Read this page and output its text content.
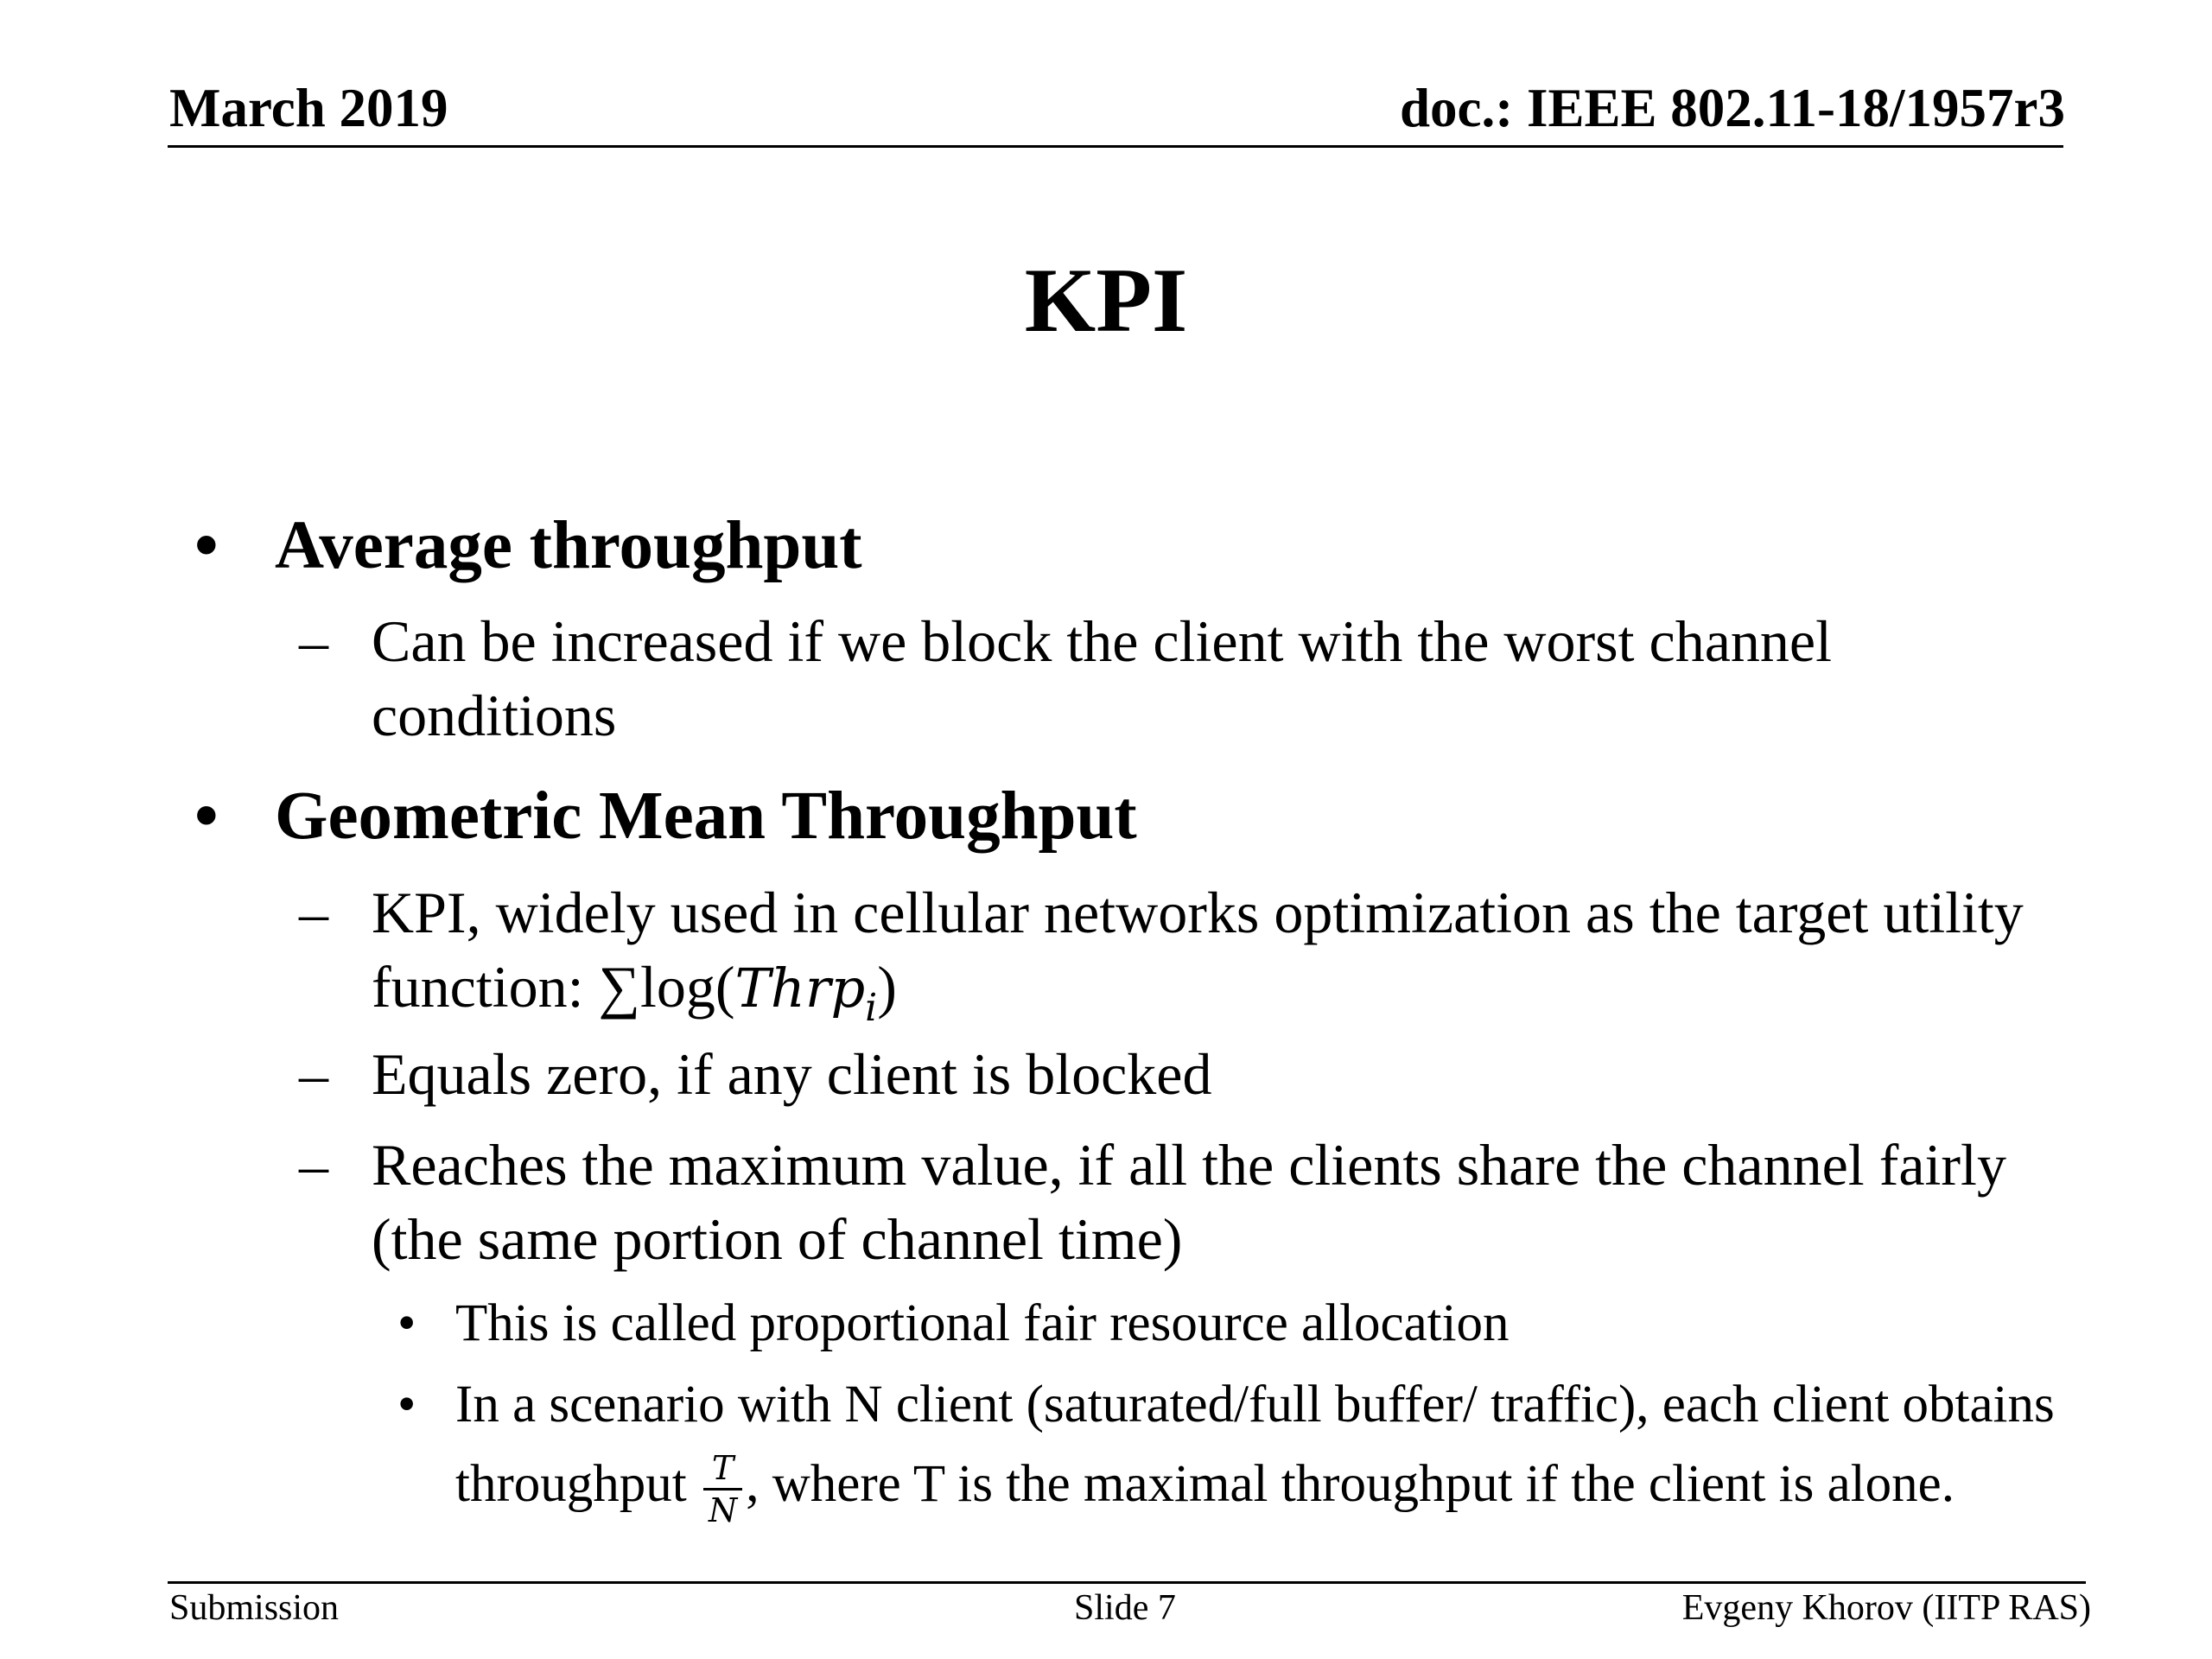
March 2019	doc.: IEEE 802.11-18/1957r3
KPI
• Average throughput
– Can be increased if we block the client with the worst channel conditions
• Geometric Mean Throughput
– KPI, widely used in cellular networks optimization as the target utility function: ∑log(Thrp$_i$)
– Equals zero, if any client is blocked
– Reaches the maximum value, if all the clients share the channel fairly (the same portion of channel time)
• This is called proportional fair resource allocation
• In a scenario with N client (saturated/full buffer/ traffic), each client obtains throughput $\frac{T}{N}$ , where T is the maximal throughput if the client is alone.
Submission	Slide 7	Evgeny Khorov (IITP RAS)
